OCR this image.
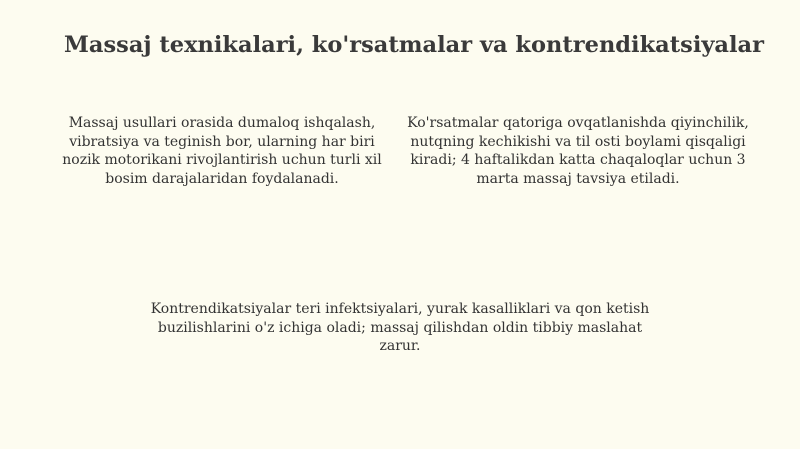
Massaj texnikalari, ko'rsatmalar va kontrendikatsiyalar

Massaj usullari orasida dumaloq ishqalash, vibratsiya va teginish bor, ularning har biri nozik motorikani rivojlantirish uchun turli xil bosim darajalaridan foydalanadi.

Ko'rsatmalar qatoriga ovqatlanishda qiyinchilik, nutqning kechikishi va til osti boylami qisqaligi kiradi; 4 haftalikdan katta chaqaloqlar uchun 3 marta massaj tavsiya etiladi.

Kontrendikatsiyalar teri infektsiyalari, yurak kasalliklari va qon ketish buzilishlarini o'z ichiga oladi; massaj qilishdan oldin tibbiy maslahat zarur.
